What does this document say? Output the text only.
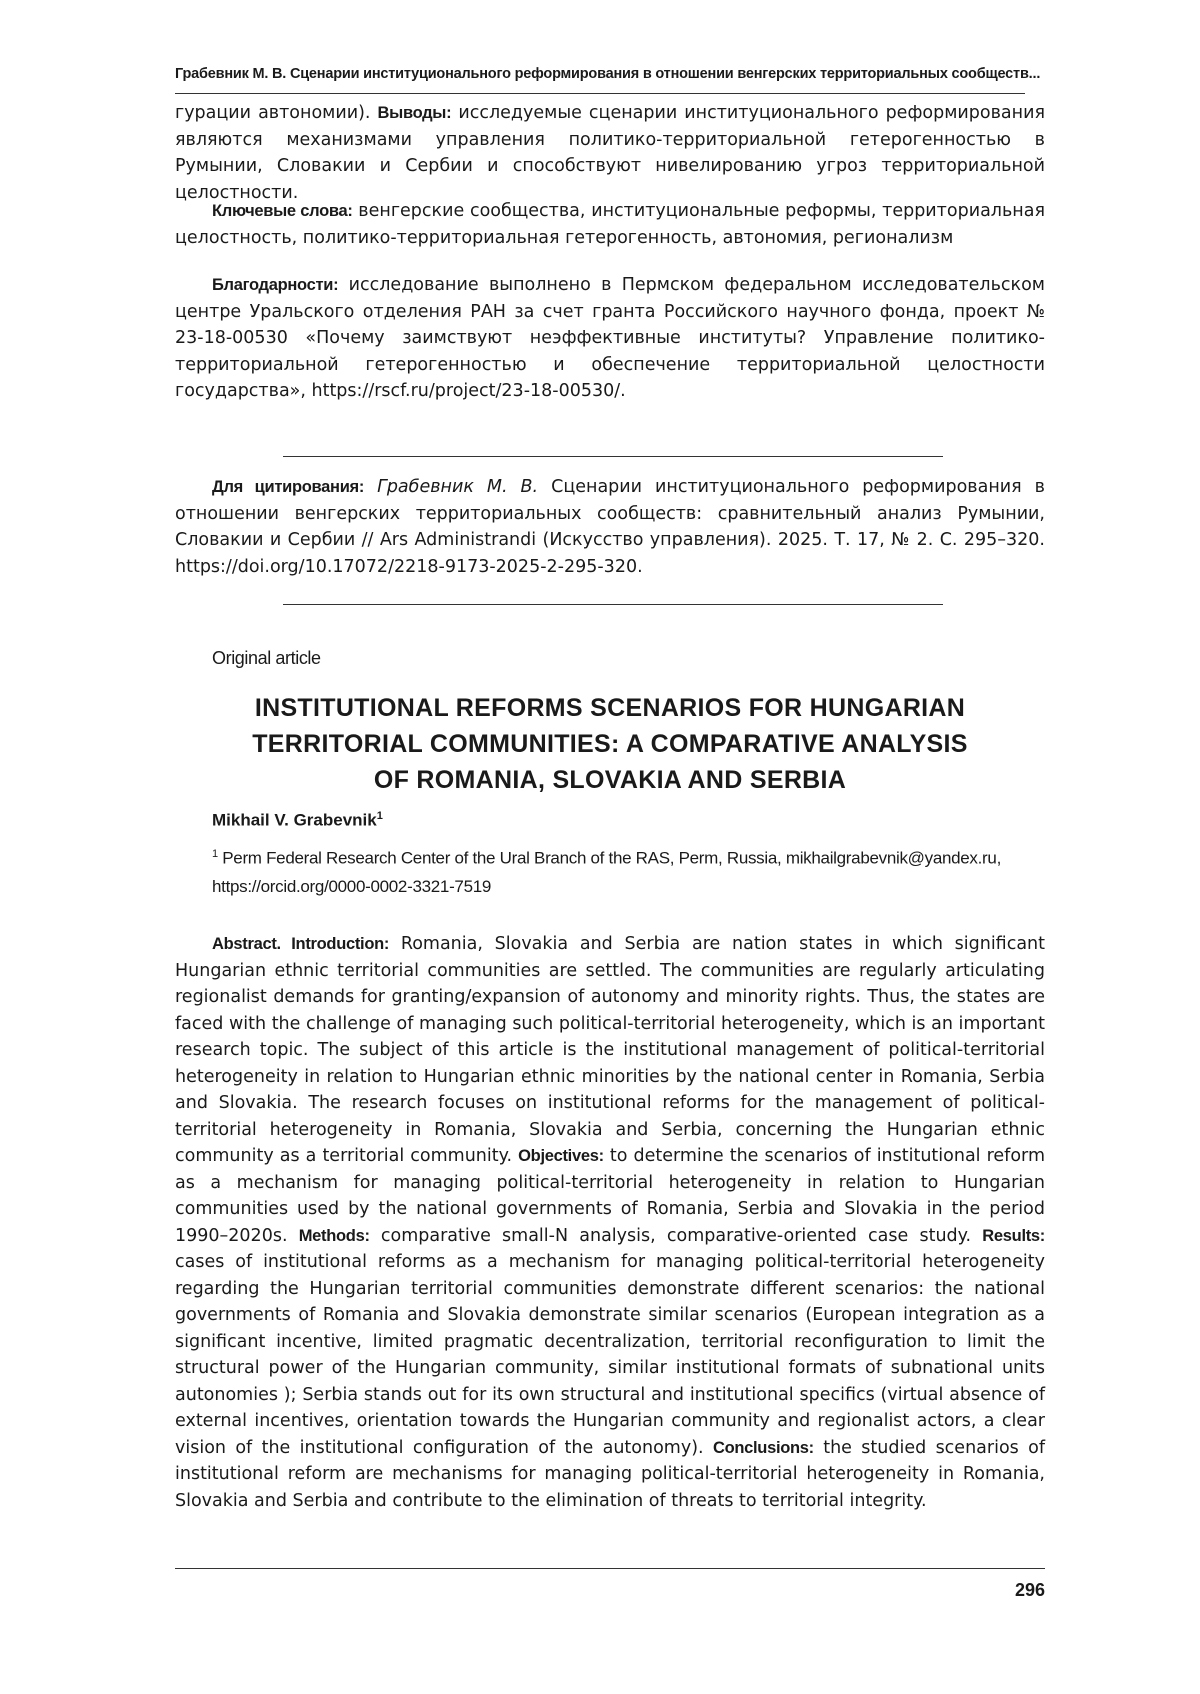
Грабевник М. В. Сценарии институционального реформирования в отношении венгерских территориальных сообществ...
гурации автономии). Выводы: исследуемые сценарии институционального реформирования являются механизмами управления политико-территориальной гетерогенностью в Румынии, Словакии и Сербии и способствуют нивелированию угроз территориальной целостности.
Ключевые слова: венгерские сообщества, институциональные реформы, территориальная целостность, политико-территориальная гетерогенность, автономия, регионализм
Благодарности: исследование выполнено в Пермском федеральном исследовательском центре Уральского отделения РАН за счет гранта Российского научного фонда, проект № 23-18-00530 «Почему заимствуют неэффективные институты? Управление политико-территориальной гетерогенностью и обеспечение территориальной целостности государства», https://rscf.ru/project/23-18-00530/.
Для цитирования: Грабевник М. В. Сценарии институционального реформирования в отношении венгерских территориальных сообществ: сравнительный анализ Румынии, Словакии и Сербии // Ars Administrandi (Искусство управления). 2025. Т. 17, № 2. С. 295–320. https://doi.org/10.17072/2218-9173-2025-2-295-320.
Original article
INSTITUTIONAL REFORMS SCENARIOS FOR HUNGARIAN
TERRITORIAL COMMUNITIES: A COMPARATIVE ANALYSIS
OF ROMANIA, SLOVAKIA AND SERBIA
Mikhail V. Grabevnik$^1$
$^1$ Perm Federal Research Center of the Ural Branch of the RAS, Perm, Russia, mikhailgrabevnik@yandex.ru, https://orcid.org/0000-0002-3321-7519
Abstract. Introduction: Romania, Slovakia and Serbia are nation states in which significant Hungarian ethnic territorial communities are settled. The communities are regularly articulating regionalist demands for granting/expansion of autonomy and minority rights. Thus, the states are faced with the challenge of managing such political-territorial heterogeneity, which is an important research topic. The subject of this article is the institutional management of political-territorial heterogeneity in relation to Hungarian ethnic minorities by the national center in Romania, Serbia and Slovakia. The research focuses on institutional reforms for the management of political-territorial heterogeneity in Romania, Slovakia and Serbia, concerning the Hungarian ethnic community as a territorial community. Objectives: to determine the scenarios of institutional reform as a mechanism for managing political-territorial heterogeneity in relation to Hungarian communities used by the national governments of Romania, Serbia and Slovakia in the period 1990–2020s. Methods: comparative small-N analysis, comparative-oriented case study. Results: cases of institutional reforms as a mechanism for managing political-territorial heterogeneity regarding the Hungarian territorial communities demonstrate different scenarios: the national governments of Romania and Slovakia demonstrate similar scenarios (European integration as a significant incentive, limited pragmatic decentralization, territorial reconfiguration to limit the structural power of the Hungarian community, similar institutional formats of subnational units autonomies ); Serbia stands out for its own structural and institutional specifics (virtual absence of external incentives, orientation towards the Hungarian community and regionalist actors, a clear vision of the institutional configuration of the autonomy). Conclusions: the studied scenarios of institutional reform are mechanisms for managing political-territorial heterogeneity in Romania, Slovakia and Serbia and contribute to the elimination of threats to territorial integrity.
296
